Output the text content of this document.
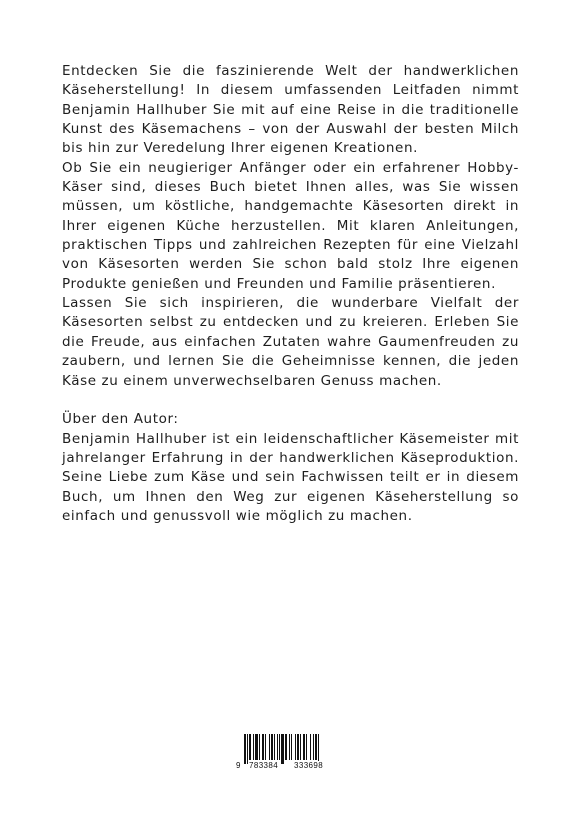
Entdecken Sie die faszinierende Welt der handwerklichen Käseherstellung! In diesem umfassenden Leitfaden nimmt Benjamin Hallhuber Sie mit auf eine Reise in die traditionelle Kunst des Käsemachens – von der Auswahl der besten Milch bis hin zur Veredelung Ihrer eigenen Kreationen.

Ob Sie ein neugieriger Anfänger oder ein erfahrener Hobby-Käser sind, dieses Buch bietet Ihnen alles, was Sie wissen müssen, um köstliche, handgemachte Käsesorten direkt in Ihrer eigenen Küche herzustellen. Mit klaren Anleitungen, praktischen Tipps und zahlreichen Rezepten für eine Vielzahl von Käsesorten werden Sie schon bald stolz Ihre eigenen Produkte genießen und Freunden und Familie präsentieren.

Lassen Sie sich inspirieren, die wunderbare Vielfalt der Käsesorten selbst zu entdecken und zu kreieren. Erleben Sie die Freude, aus einfachen Zutaten wahre Gaumenfreuden zu zaubern, und lernen Sie die Geheimnisse kennen, die jeden Käse zu einem unverwechselbaren Genuss machen.

Über den Autor:

Benjamin Hallhuber ist ein leidenschaftlicher Käsemeister mit jahrelanger Erfahrung in der handwerklichen Käseproduktion. Seine Liebe zum Käse und sein Fachwissen teilt er in diesem Buch, um Ihnen den Weg zur eigenen Käseherstellung so einfach und genussvoll wie möglich zu machen.

9 783384 333698
